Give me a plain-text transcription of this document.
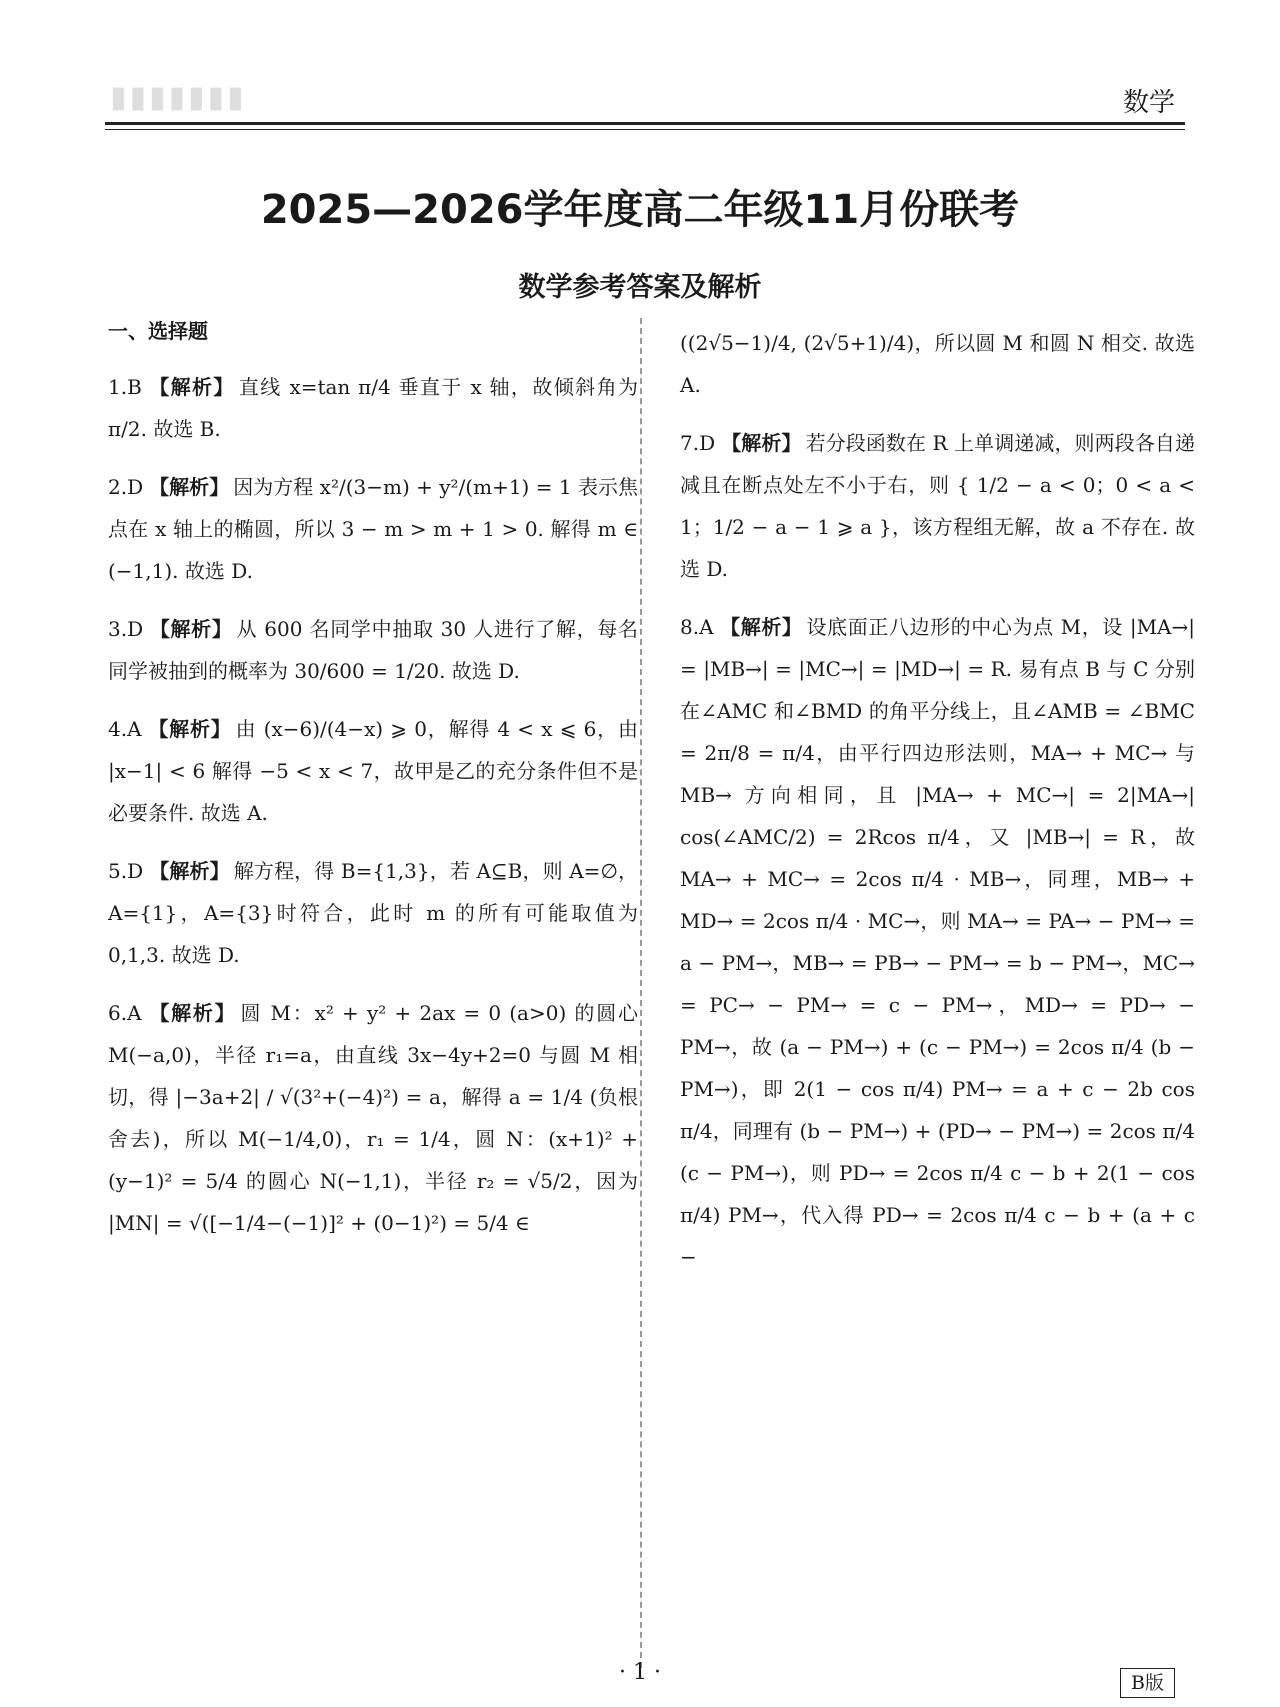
▮▮▮▮▮▮▮	数学
2025—2026学年度高二年级11月份联考
数学参考答案及解析
一、选择题
1.B 【解析】 直线 x=tan π/4 垂直于 x 轴，故倾斜角为 π/2. 故选 B.
2.D 【解析】 因为方程 x²/(3−m) + y²/(m+1) = 1 表示焦点在 x 轴上的椭圆，所以 3 − m > m + 1 > 0. 解得 m ∈ (−1,1). 故选 D.
3.D 【解析】 从 600 名同学中抽取 30 人进行了解，每名同学被抽到的概率为 30/600 = 1/20. 故选 D.
4.A 【解析】 由 (x−6)/(4−x) ⩾ 0，解得 4 < x ⩽ 6，由 |x−1| < 6 解得 −5 < x < 7，故甲是乙的充分条件但不是必要条件. 故选 A.
5.D 【解析】 解方程，得 B={1,3}，若 A⊆B，则 A=∅，A={1}，A={3}时符合，此时 m 的所有可能取值为 0,1,3. 故选 D.
6.A 【解析】 圆 M：x² + y² + 2ax = 0 (a>0) 的圆心 M(−a,0)，半径 r₁=a，由直线 3x−4y+2=0 与圆 M 相切，得 |−3a+2| / √(3²+(−4)²) = a，解得 a = 1/4 (负根舍去)，所以 M(−1/4,0)，r₁ = 1/4，圆 N：(x+1)² + (y−1)² = 5/4 的圆心 N(−1,1)，半径 r₂ = √5/2，因为 |MN| = √([−1/4−(−1)]² + (0−1)²) = 5/4 ∈
((2√5−1)/4, (2√5+1)/4)，所以圆 M 和圆 N 相交. 故选 A.
7.D 【解析】 若分段函数在 R 上单调递减，则两段各自递减且在断点处左不小于右，则 { 1/2 − a < 0；0 < a < 1；1/2 − a − 1 ⩾ a }，该方程组无解，故 a 不存在. 故选 D.
8.A 【解析】 设底面正八边形的中心为点 M，设 |MA→| = |MB→| = |MC→| = |MD→| = R. 易有点 B 与 C 分别在∠AMC 和∠BMD 的角平分线上，且∠AMB = ∠BMC = 2π/8 = π/4，由平行四边形法则，MA→ + MC→ 与 MB→ 方向相同，且 |MA→ + MC→| = 2|MA→| cos(∠AMC/2) = 2Rcos π/4，又 |MB→| = R，故 MA→ + MC→ = 2cos π/4 · MB→，同理，MB→ + MD→ = 2cos π/4 · MC→，则 MA→ = PA→ − PM→ = a − PM→，MB→ = PB→ − PM→ = b − PM→，MC→ = PC→ − PM→ = c − PM→，MD→ = PD→ − PM→，故 (a − PM→) + (c − PM→) = 2cos π/4 (b − PM→)，即 2(1 − cos π/4) PM→ = a + c − 2b cos π/4，同理有 (b − PM→) + (PD→ − PM→) = 2cos π/4 (c − PM→)，则 PD→ = 2cos π/4 c − b + 2(1 − cos π/4) PM→，代入得 PD→ = 2cos π/4 c − b + (a + c −
· 1 ·	B版
